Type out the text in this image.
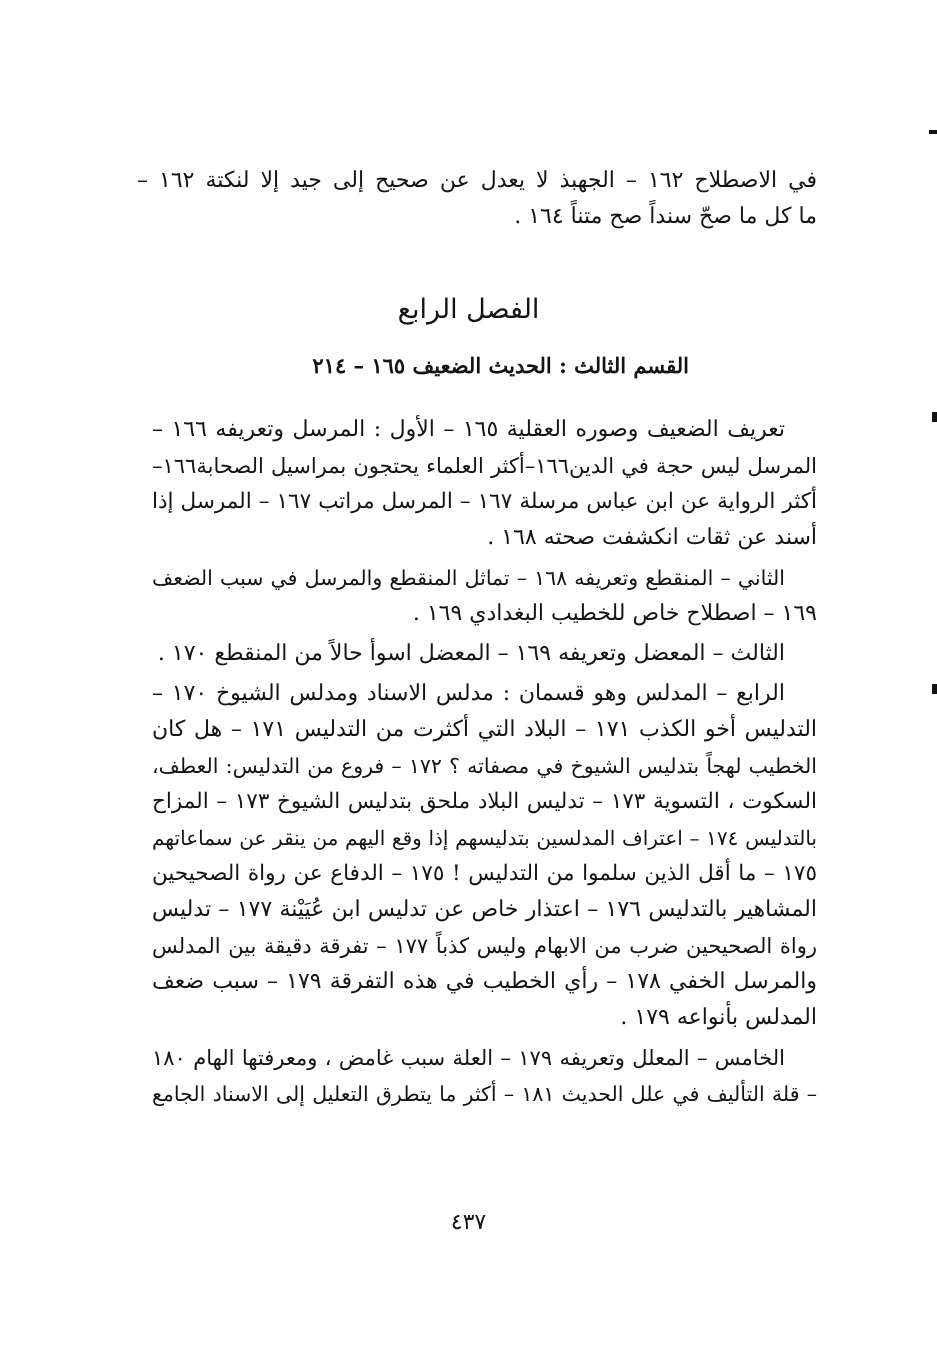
في الاصطلاح ١٦٢ – الجهبذ لا يعدل عن صحيح إلى جيد إلا لنكتة ١٦٢ –
ما كل ما صحّ سنداً صح متناً ١٦٤ .
الفصل الرابع
القسم الثالث : الحديث الضعيف ١٦٥ – ٢١٤
تعريف الضعيف وصوره العقلية ١٦٥ – الأول : المرسل وتعريفه ١٦٦ –
المرسل ليس حجة في الدين١٦٦–أكثر العلماء يحتجون بمراسيل الصحابة١٦٦–
أكثر الرواية عن ابن عباس مرسلة ١٦٧ – المرسل مراتب ١٦٧ – المرسل إذا
أسند عن ثقات انكشفت صحته ١٦٨ .
الثاني – المنقطع وتعريفه ١٦٨ – تماثل المنقطع والمرسل في سبب الضعف
١٦٩ – اصطلاح خاص للخطيب البغدادي ١٦٩ .
الثالث – المعضل وتعريفه ١٦٩ – المعضل اسوأ حالاً من المنقطع ١٧٠ .
الرابع – المدلس وهو قسمان : مدلس الاسناد ومدلس الشيوخ ١٧٠ –
التدليس أخو الكذب ١٧١ – البلاد التي أكثرت من التدليس ١٧١ – هل كان
الخطيب لهجاً بتدليس الشيوخ في مصفاته ؟ ١٧٢ – فروع من التدليس: العطف،
السكوت ، التسوية ١٧٣ – تدليس البلاد ملحق بتدليس الشيوخ ١٧٣ – المزاح
بالتدليس ١٧٤ – اعتراف المدلسين بتدليسهم إذا وقع اليهم من ينقر عن سماعاتهم
١٧٥ – ما أقل الذين سلموا من التدليس ! ١٧٥ – الدفاع عن رواة الصحيحين
المشاهير بالتدليس ١٧٦ – اعتذار خاص عن تدليس ابن عُيَيْنة ١٧٧ – تدليس
رواة الصحيحين ضرب من الابهام وليس كذباً ١٧٧ – تفرقة دقيقة بين المدلس
والمرسل الخفي ١٧٨ – رأي الخطيب في هذه التفرقة ١٧٩ – سبب ضعف
المدلس بأنواعه ١٧٩ .
الخامس – المعلل وتعريفه ١٧٩ – العلة سبب غامض ، ومعرفتها الهام ١٨٠
– قلة التأليف في علل الحديث ١٨١ – أكثر ما يتطرق التعليل إلى الاسناد الجامع
٤٣٧
